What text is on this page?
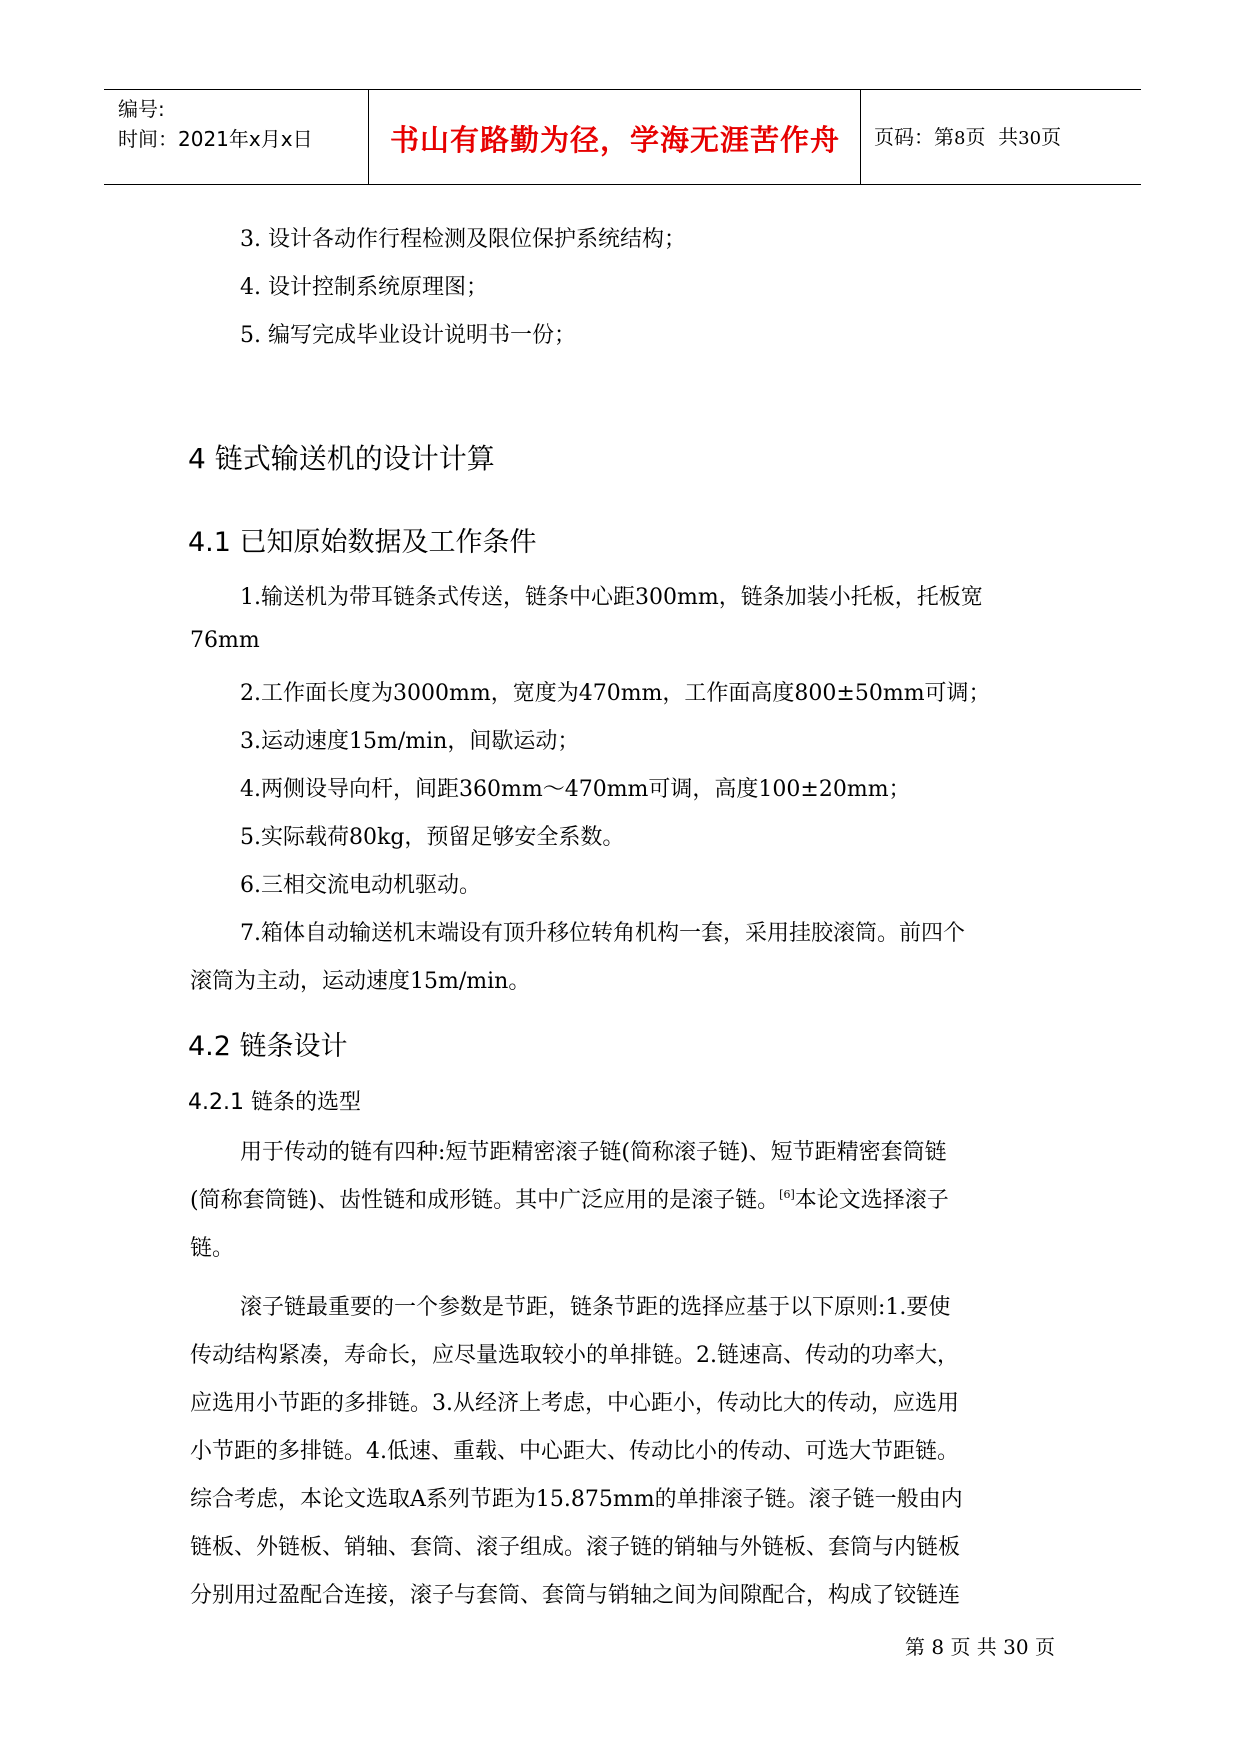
编号:
时间：2021年x月x日	书山有路勤为径，学海无涯苦作舟	页码：第8页  共30页
3. 设计各动作行程检测及限位保护系统结构；
4. 设计控制系统原理图；
5. 编写完成毕业设计说明书一份；
4 链式输送机的设计计算
4.1 已知原始数据及工作条件
1.输送机为带耳链条式传送，链条中心距300mm，链条加装小托板，托板宽
76mm
2.工作面长度为3000mm，宽度为470mm，工作面高度800±50mm可调；
3.运动速度15m/min，间歇运动；
4.两侧设导向杆，间距360mm～470mm可调，高度100±20mm；
5.实际载荷80kg，预留足够安全系数。
6.三相交流电动机驱动。
7.箱体自动输送机末端设有顶升移位转角机构一套，采用挂胶滚筒。前四个
滚筒为主动，运动速度15m/min。
4.2 链条设计
4.2.1 链条的选型
用于传动的链有四种:短节距精密滚子链(简称滚子链)、短节距精密套筒链
(简称套筒链)、齿性链和成形链。其中广泛应用的是滚子链。[6]本论文选择滚子
链。
滚子链最重要的一个参数是节距，链条节距的选择应基于以下原则:1.要使
传动结构紧凑，寿命长，应尽量选取较小的单排链。2.链速高、传动的功率大，
应选用小节距的多排链。3.从经济上考虑，中心距小，传动比大的传动，应选用
小节距的多排链。4.低速、重载、中心距大、传动比小的传动、可选大节距链。
综合考虑，本论文选取A系列节距为15.875mm的单排滚子链。滚子链一般由内
链板、外链板、销轴、套筒、滚子组成。滚子链的销轴与外链板、套筒与内链板
分别用过盈配合连接，滚子与套筒、套筒与销轴之间为间隙配合，构成了铰链连
第 8 页 共 30 页
